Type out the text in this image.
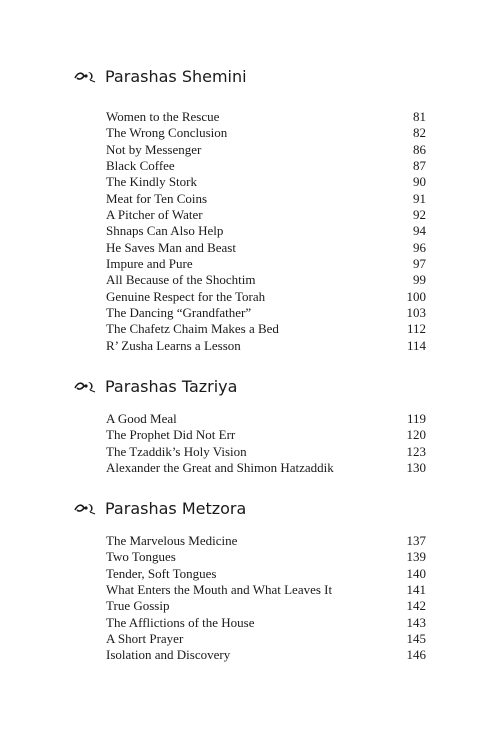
Parashas Shemini
Women to the Rescue	81
The Wrong Conclusion	82
Not by Messenger	86
Black Coffee	87
The Kindly Stork	90
Meat for Ten Coins	91
A Pitcher of Water	92
Shnaps Can Also Help	94
He Saves Man and Beast	96
Impure and Pure	97
All Because of the Shochtim	99
Genuine Respect for the Torah	100
The Dancing “Grandfather”	103
The Chafetz Chaim Makes a Bed	112
R’ Zusha Learns a Lesson	114
Parashas Tazriya
A Good Meal	119
The Prophet Did Not Err	120
The Tzaddik’s Holy Vision	123
Alexander the Great and Shimon Hatzaddik	130
Parashas Metzora
The Marvelous Medicine	137
Two Tongues	139
Tender, Soft Tongues	140
What Enters the Mouth and What Leaves It	141
True Gossip	142
The Afflictions of the House	143
A Short Prayer	145
Isolation and Discovery	146
